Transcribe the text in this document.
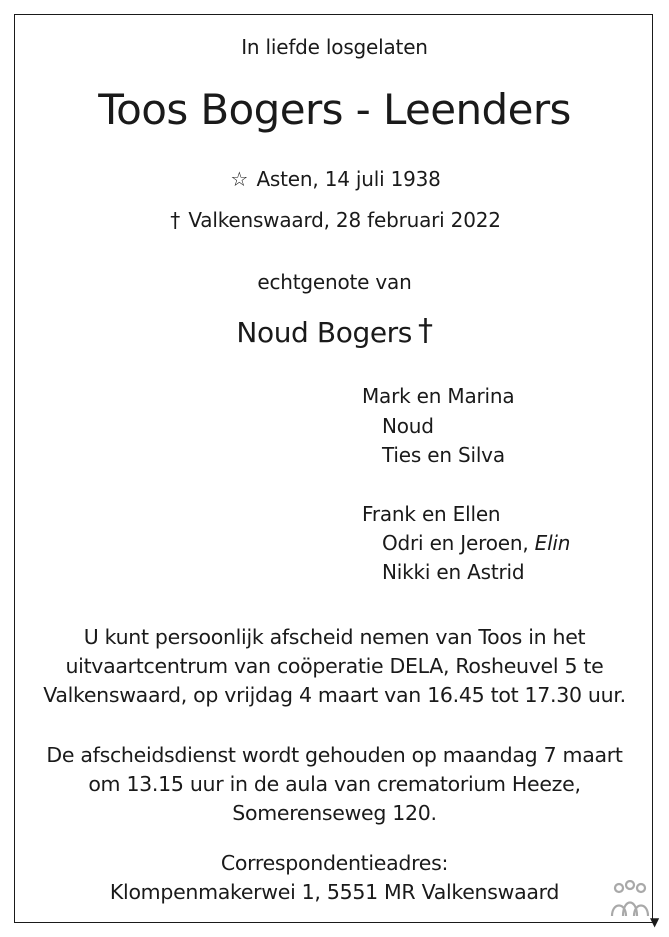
In liefde losgelaten
Toos Bogers - Leenders
☆ Asten, 14 juli 1938
† Valkenswaard, 28 februari 2022
echtgenote van
Noud Bogers †
Mark en Marina
Noud
Ties en Silva
Frank en Ellen
Odri en Jeroen, Elin
Nikki en Astrid
U kunt persoonlijk afscheid nemen van Toos in het
uitvaartcentrum van coöperatie DELA, Rosheuvel 5 te
Valkenswaard, op vrijdag 4 maart van 16.45 tot 17.30 uur.
De afscheidsdienst wordt gehouden op maandag 7 maart
om 13.15 uur in de aula van crematorium Heeze,
Somerenseweg 120.
Correspondentieadres:
Klompenmakerwei 1, 5551 MR Valkenswaard
▼
